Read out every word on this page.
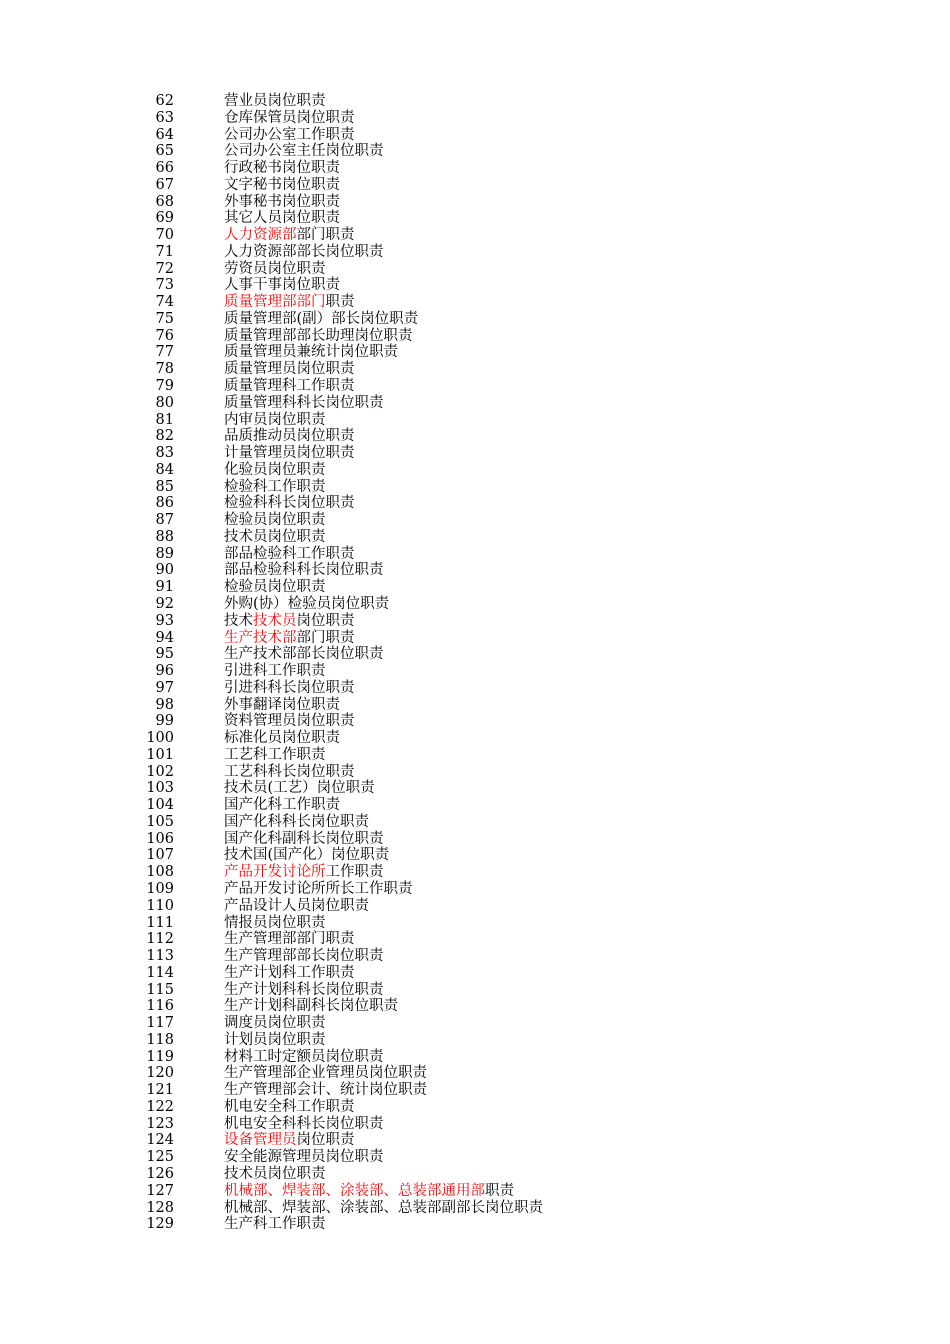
62	营业员岗位职责
63	仓库保管员岗位职责
64	公司办公室工作职责
65	公司办公室主任岗位职责
66	行政秘书岗位职责
67	文字秘书岗位职责
68	外事秘书岗位职责
69	其它人员岗位职责
70	人力资源部部门职责
71	人力资源部部长岗位职责
72	劳资员岗位职责
73	人事干事岗位职责
74	质量管理部部门职责
75	质量管理部(副）部长岗位职责
76	质量管理部部长助理岗位职责
77	质量管理员兼统计岗位职责
78	质量管理员岗位职责
79	质量管理科工作职责
80	质量管理科科长岗位职责
81	内审员岗位职责
82	品质推动员岗位职责
83	计量管理员岗位职责
84	化验员岗位职责
85	检验科工作职责
86	检验科科长岗位职责
87	检验员岗位职责
88	技术员岗位职责
89	部品检验科工作职责
90	部品检验科科长岗位职责
91	检验员岗位职责
92	外购(协）检验员岗位职责
93	技术技术员岗位职责
94	生产技术部部门职责
95	生产技术部部长岗位职责
96	引进科工作职责
97	引进科科长岗位职责
98	外事翻译岗位职责
99	资料管理员岗位职责
100	标准化员岗位职责
101	工艺科工作职责
102	工艺科科长岗位职责
103	技术员(工艺）岗位职责
104	国产化科工作职责
105	国产化科科长岗位职责
106	国产化科副科长岗位职责
107	技术国(国产化）岗位职责
108	产品开发讨论所工作职责
109	产品开发讨论所所长工作职责
110	产品设计人员岗位职责
111	情报员岗位职责
112	生产管理部部门职责
113	生产管理部部长岗位职责
114	生产计划科工作职责
115	生产计划科科长岗位职责
116	生产计划科副科长岗位职责
117	调度员岗位职责
118	计划员岗位职责
119	材料工时定额员岗位职责
120	生产管理部企业管理员岗位职责
121	生产管理部会计、统计岗位职责
122	机电安全科工作职责
123	机电安全科科长岗位职责
124	设备管理员岗位职责
125	安全能源管理员岗位职责
126	技术员岗位职责
127	机械部、焊装部、涂装部、总装部通用部职责
128	机械部、焊装部、涂装部、总装部副部长岗位职责
129	生产科工作职责
